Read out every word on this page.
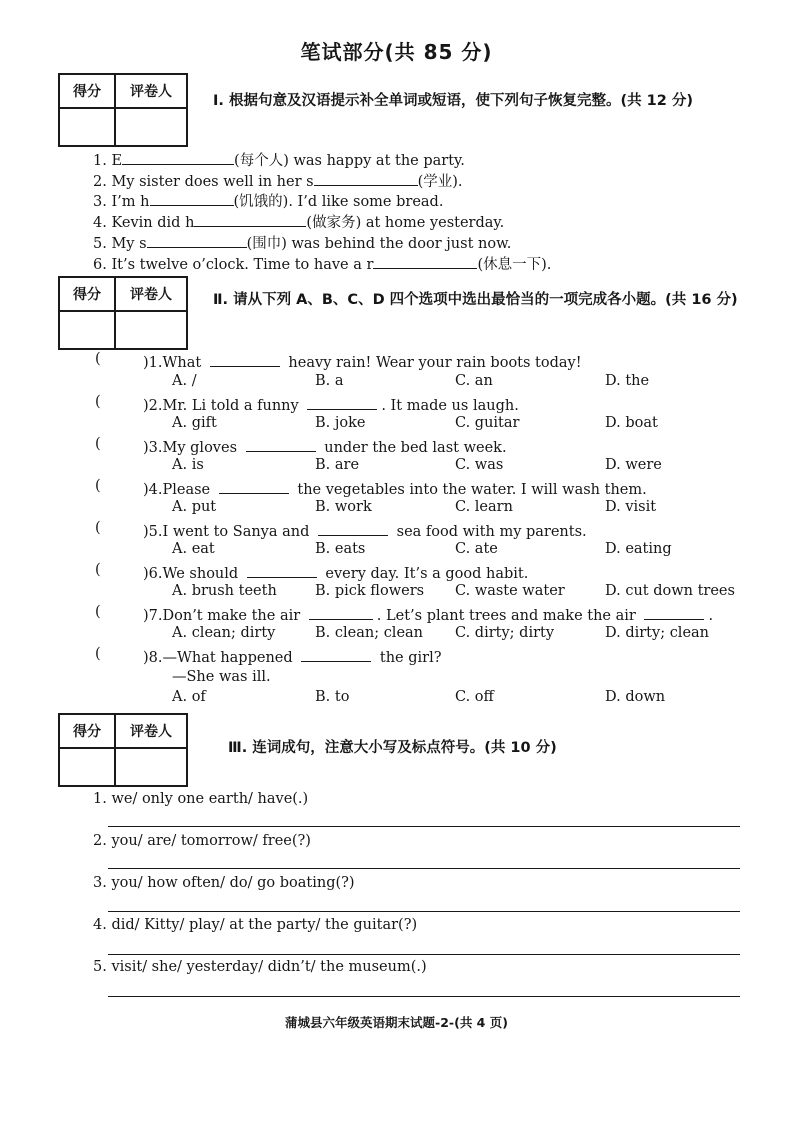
笔试部分(共 85 分)
得分	评卷人

Ⅰ. 根据句意及汉语提示补全单词或短语，使下列句子恢复完整。(共 12 分)
1. E	(每个人) was happy at the party.
2. My sister does well in her s	(学业).
3. I’m h	(饥饿的). I’d like some bread.
4. Kevin did h	(做家务) at home yesterday.
5. My s	(围巾) was behind the door just now.
6. It’s twelve o’clock. Time to have a r	(休息一下).
得分	评卷人
		Ⅱ. 请从下列 A、B、C、D 四个选项中选出最恰当的一项完成各小题。(共 16 分)
(	)1.What	heavy rain! Wear your rain boots today!
A. /	B. a	C. an	D. the
(	)2.Mr. Li told a funny	. It made us laugh.
A. gift	B. joke	C. guitar	D. boat
(	)3.My gloves	under the bed last week.
A. is	B. are	C. was	D. were
(	)4.Please	the vegetables into the water. I will wash them.
A. put	B. work	C. learn	D. visit
(	)5.I went to Sanya and	sea food with my parents.
A. eat	B. eats	C. ate	D. eating
(	)6.We should	every day. It’s a good habit.
A. brush teeth	B. pick flowers C. waste water	D. cut down trees
(	)7.Don’t make the air	. Let’s plant trees and make the air	.
A. clean; dirty	B. clean; clean C. dirty; dirty	D. dirty; clean
(	)8.—What happened	the girl?
—She was ill.
A. of	B. to	C. off	D. down
得分	评卷人

Ⅲ. 连词成句，注意大小写及标点符号。(共 10 分)
1. we/ only one earth/ have(.)
2. you/ are/ tomorrow/ free(?)
3. you/ how often/ do/ go boating(?)
4. did/ Kitty/ play/ at the party/ the guitar(?)
5. visit/ she/ yesterday/ didn’t/ the museum(.)
蒲城县六年级英语期末试题-2-(共 4 页)
